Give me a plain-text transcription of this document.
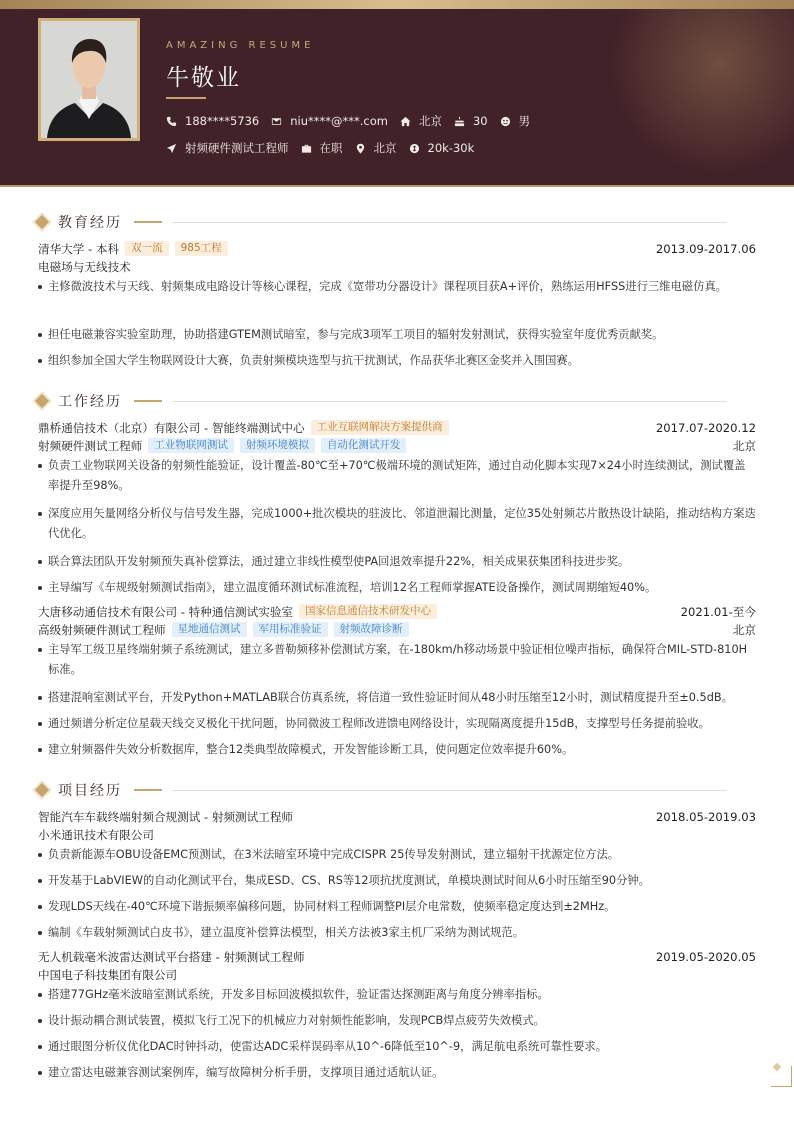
AMAZING RESUME
牛敬业
188****5736	niu****@***.com	北京	30	男
射频硬件测试工程师	在职	北京	20k-30k
教育经历
清华大学 - 本科	双一流	985工程	2013.09-2017.06
电磁场与无线技术
主修微波技术与天线、射频集成电路设计等核心课程，完成《宽带功分器设计》课程项目获A+评价，熟练运用HFSS进行三维电磁仿真。
担任电磁兼容实验室助理，协助搭建GTEM测试暗室，参与完成3项军工项目的辐射发射测试，获得实验室年度优秀贡献奖。
组织参加全国大学生物联网设计大赛，负责射频模块选型与抗干扰测试，作品获华北赛区金奖并入围国赛。
工作经历
鼎桥通信技术（北京）有限公司 - 智能终端测试中心	工业互联网解决方案提供商	2017.07-2020.12
射频硬件测试工程师	工业物联网测试	射频环境模拟	自动化测试开发	北京
负责工业物联网关设备的射频性能验证，设计覆盖-80℃至+70℃极端环境的测试矩阵，通过自动化脚本实现7×24小时连续测试，测试覆盖率提升至98%。
深度应用矢量网络分析仪与信号发生器，完成1000+批次模块的驻波比、邻道泄漏比测量，定位35处射频芯片散热设计缺陷，推动结构方案迭代优化。
联合算法团队开发射频预失真补偿算法，通过建立非线性模型使PA回退效率提升22%，相关成果获集团科技进步奖。
主导编写《车规级射频测试指南》，建立温度循环测试标准流程，培训12名工程师掌握ATE设备操作，测试周期缩短40%。
大唐移动通信技术有限公司 - 特种通信测试实验室	国家信息通信技术研发中心	2021.01-至今
高级射频硬件测试工程师	星地通信测试	军用标准验证	射频故障诊断	北京
主导军工级卫星终端射频子系统测试，建立多普勒频移补偿测试方案，在-180km/h移动场景中验证相位噪声指标，确保符合MIL-STD-810H标准。
搭建混响室测试平台，开发Python+MATLAB联合仿真系统，将信道一致性验证时间从48小时压缩至12小时，测试精度提升至±0.5dB。
通过频谱分析定位星载天线交叉极化干扰问题，协同微波工程师改进馈电网络设计，实现隔离度提升15dB，支撑型号任务提前验收。
建立射频器件失效分析数据库，整合12类典型故障模式，开发智能诊断工具，使问题定位效率提升60%。
项目经历
智能汽车车载终端射频合规测试 - 射频测试工程师	2018.05-2019.03
小米通讯技术有限公司
负责新能源车OBU设备EMC预测试，在3米法暗室环境中完成CISPR 25传导发射测试，建立辐射干扰源定位方法。
开发基于LabVIEW的自动化测试平台，集成ESD、CS、RS等12项抗扰度测试，单模块测试时间从6小时压缩至90分钟。
发现LDS天线在-40℃环境下谐振频率偏移问题，协同材料工程师调整PI层介电常数，使频率稳定度达到±2MHz。
编制《车载射频测试白皮书》，建立温度补偿算法模型，相关方法被3家主机厂采纳为测试规范。
无人机载毫米波雷达测试平台搭建 - 射频测试工程师	2019.05-2020.05
中国电子科技集团有限公司
搭建77GHz毫米波暗室测试系统，开发多目标回波模拟软件，验证雷达探测距离与角度分辨率指标。
设计振动耦合测试装置，模拟飞行工况下的机械应力对射频性能影响，发现PCB焊点疲劳失效模式。
通过眼图分析仪优化DAC时钟抖动，使雷达ADC采样误码率从10^-6降低至10^-9，满足航电系统可靠性要求。
建立雷达电磁兼容测试案例库，编写故障树分析手册，支撑项目通过适航认证。
